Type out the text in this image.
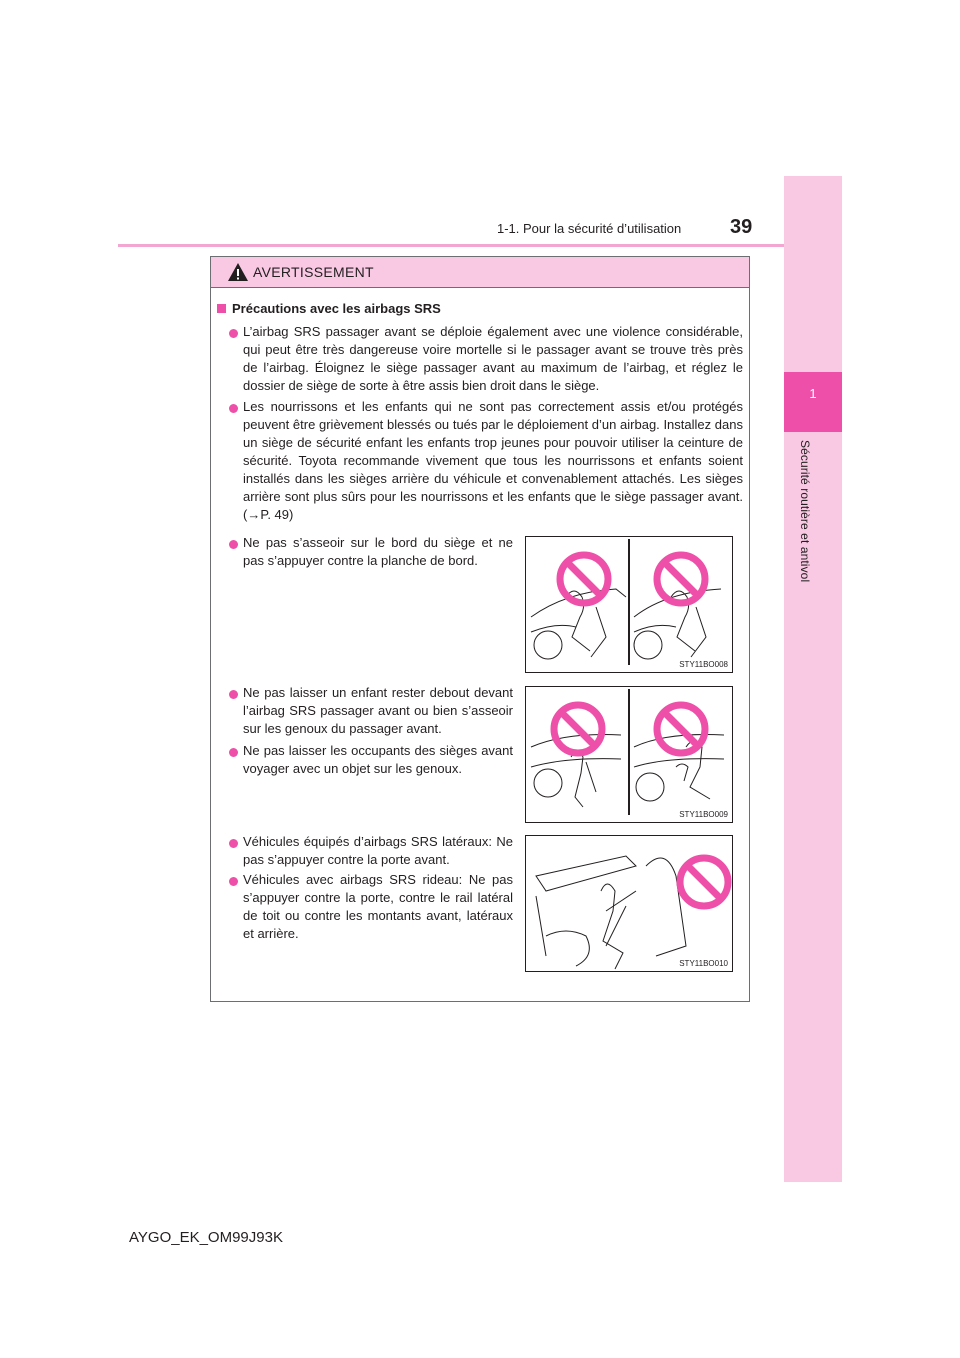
1
Sécurité routière et antivol
1-1. Pour la sécurité d’utilisation 39
AVERTISSEMENT
Précautions avec les airbags SRS
L’airbag SRS passager avant se déploie également avec une violence considérable, qui peut être très dangereuse voire mortelle si le passager avant se trouve très près de l’airbag. Éloignez le siège passager avant au maximum de l’airbag, et réglez le dossier de siège de sorte à être assis bien droit dans le siège.
Les nourrissons et les enfants qui ne sont pas correctement assis et/ou protégés peuvent être grièvement blessés ou tués par le déploiement d’un airbag. Installez dans un siège de sécurité enfant les enfants trop jeunes pour pouvoir utiliser la ceinture de sécurité. Toyota recommande vivement que tous les nourrissons et enfants soient installés dans les sièges arrière du véhicule et convenablement attachés. Les sièges arrière sont plus sûrs pour les nourrissons et les enfants que le siège passager avant. (→P. 49)
Ne pas s’asseoir sur le bord du siège et ne pas s’appuyer contre la planche de bord.
STY11BO008
Ne pas laisser un enfant rester debout devant l’airbag SRS passager avant ou bien s’asseoir sur les genoux du passager avant.
Ne pas laisser les occupants des sièges avant voyager avec un objet sur les genoux.
STY11BO009
Véhicules équipés d’airbags SRS latéraux: Ne pas s’appuyer contre la porte avant.
Véhicules avec airbags SRS rideau: Ne pas s’appuyer contre la porte, contre le rail latéral de toit ou contre les montants avant, latéraux et arrière.
STY11BO010
AYGO_EK_OM99J93K
